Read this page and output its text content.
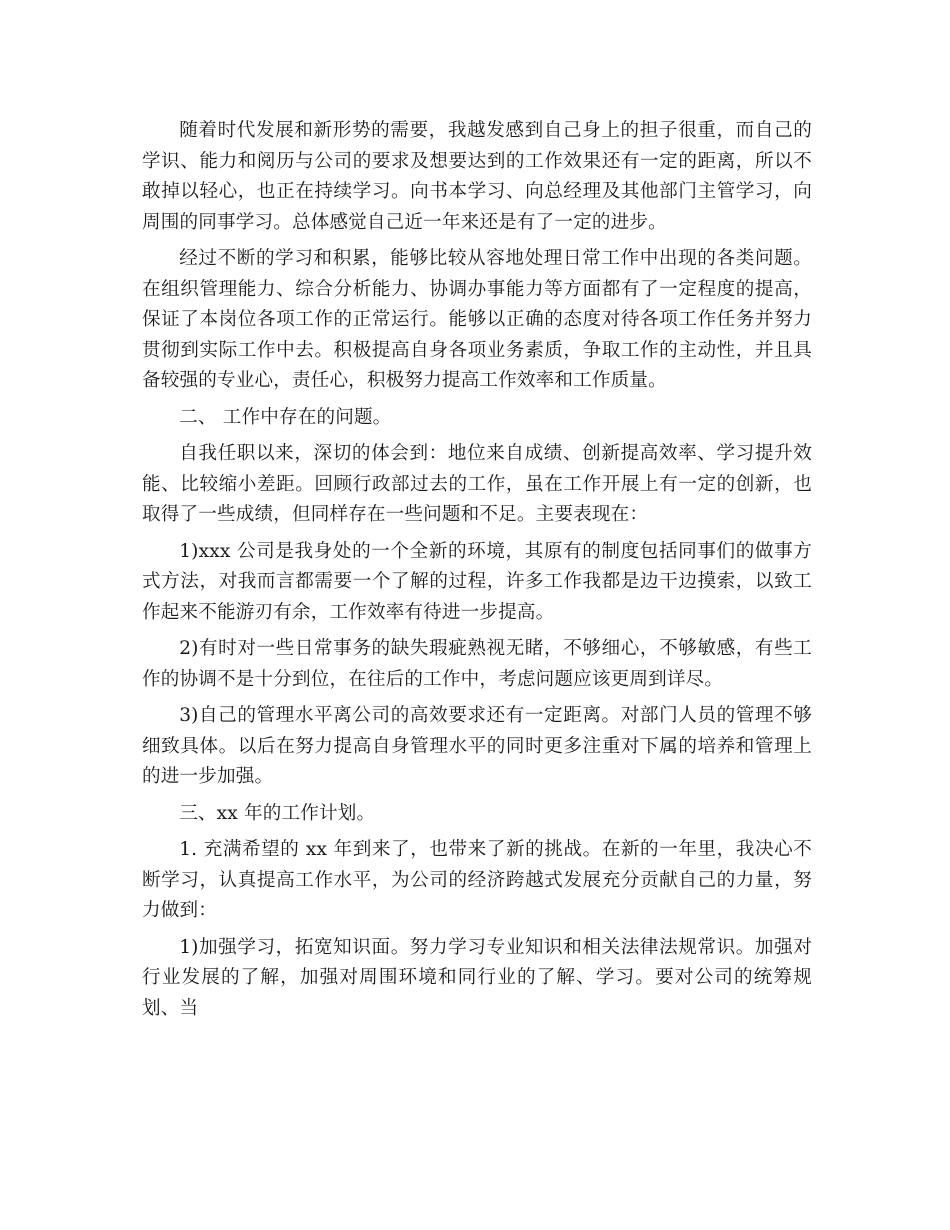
随着时代发展和新形势的需要，我越发感到自己身上的担子很重，而自己的学识、能力和阅历与公司的要求及想要达到的工作效果还有一定的距离，所以不敢掉以轻心，也正在持续学习。向书本学习、向总经理及其他部门主管学习，向周围的同事学习。总体感觉自己近一年来还是有了一定的进步。

经过不断的学习和积累，能够比较从容地处理日常工作中出现的各类问题。在组织管理能力、综合分析能力、协调办事能力等方面都有了一定程度的提高，保证了本岗位各项工作的正常运行。能够以正确的态度对待各项工作任务并努力贯彻到实际工作中去。积极提高自身各项业务素质，争取工作的主动性，并且具备较强的专业心，责任心，积极努力提高工作效率和工作质量。

二、 工作中存在的问题。

自我任职以来，深切的体会到：地位来自成绩、创新提高效率、学习提升效能、比较缩小差距。回顾行政部过去的工作，虽在工作开展上有一定的创新，也取得了一些成绩，但同样存在一些问题和不足。主要表现在：

1)xxx 公司是我身处的一个全新的环境，其原有的制度包括同事们的做事方式方法，对我而言都需要一个了解的过程，许多工作我都是边干边摸索，以致工作起来不能游刃有余，工作效率有待进一步提高。

2)有时对一些日常事务的缺失瑕疵熟视无睹，不够细心，不够敏感，有些工作的协调不是十分到位，在往后的工作中，考虑问题应该更周到详尽。

3)自己的管理水平离公司的高效要求还有一定距离。对部门人员的管理不够细致具体。以后在努力提高自身管理水平的同时更多注重对下属的培养和管理上的进一步加强。

三、xx 年的工作计划。

1. 充满希望的 xx 年到来了，也带来了新的挑战。在新的一年里，我决心不断学习，认真提高工作水平，为公司的经济跨越式发展充分贡献自己的力量，努力做到：

1)加强学习，拓宽知识面。努力学习专业知识和相关法律法规常识。加强对行业发展的了解，加强对周围环境和同行业的了解、学习。要对公司的统筹规划、当
